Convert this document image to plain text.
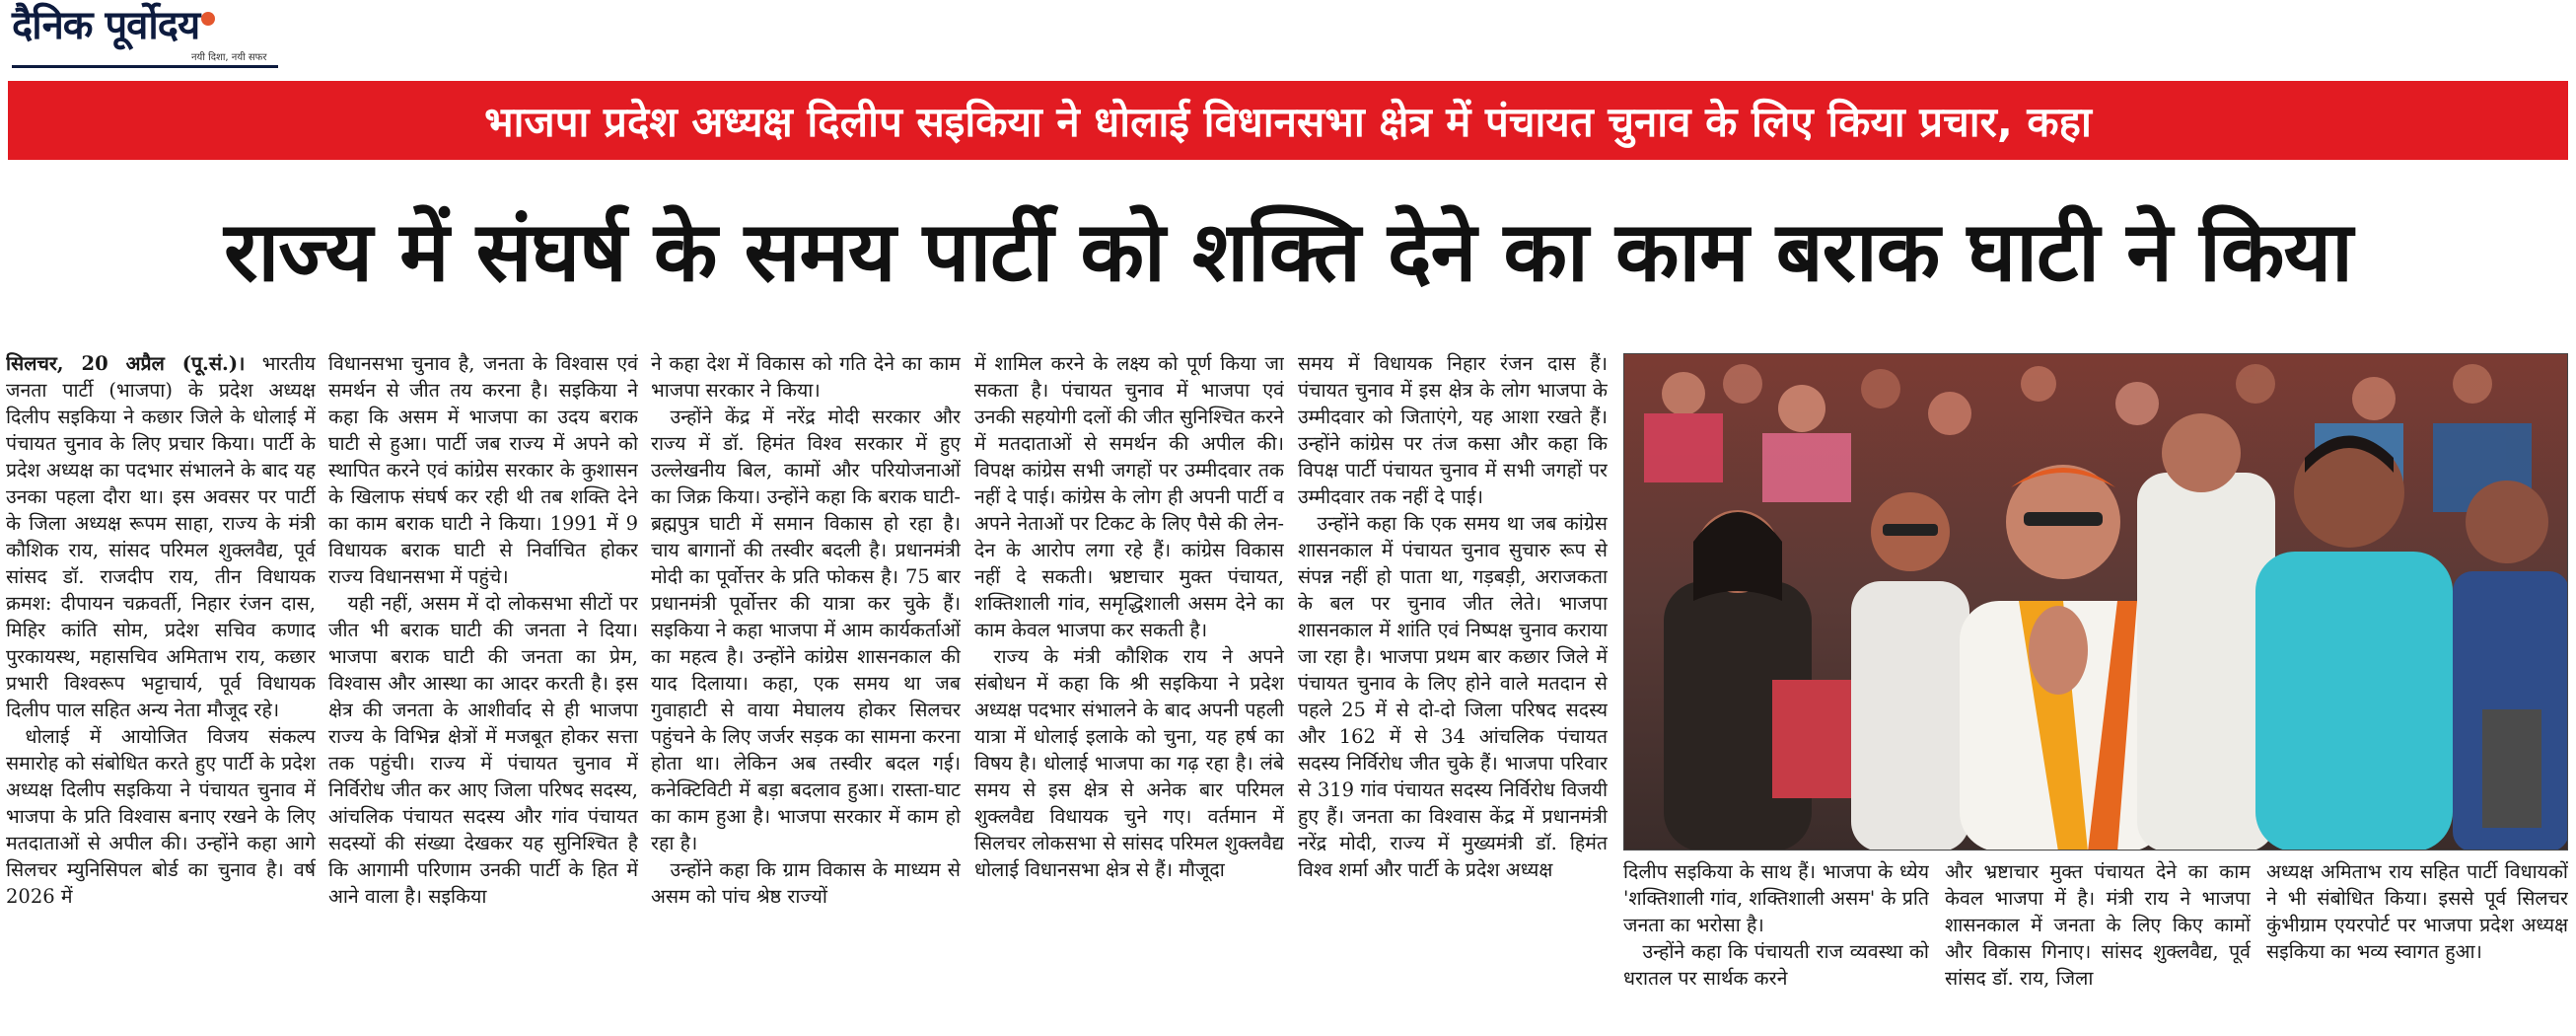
दैनिक पूर्वोदय
नयी दिशा, नयी सफर
भाजपा प्रदेश अध्यक्ष दिलीप सइकिया ने धोलाई विधानसभा क्षेत्र में पंचायत चुनाव के लिए किया प्रचार, कहा
राज्य में संघर्ष के समय पार्टी को शक्ति देने का काम बराक घाटी ने किया

सिलचर, 20 अप्रैल (पू.सं.)। भारतीय जनता पार्टी (भाजपा) के प्रदेश अध्यक्ष दिलीप सइकिया ने कछार जिले के धोलाई में पंचायत चुनाव के लिए प्रचार किया। पार्टी के प्रदेश अध्यक्ष का पदभार संभालने के बाद यह उनका पहला दौरा था। इस अवसर पर पार्टी के जिला अध्यक्ष रूपम साहा, राज्य के मंत्री कौशिक राय, सांसद परिमल शुक्लवैद्य, पूर्व सांसद डॉ. राजदीप राय, तीन विधायक क्रमश: दीपायन चक्रवर्ती, निहार रंजन दास, मिहिर कांति सोम, प्रदेश सचिव कणाद पुरकायस्थ, महासचिव अमिताभ राय, कछार प्रभारी विश्वरूप भट्टाचार्य, पूर्व विधायक दिलीप पाल सहित अन्य नेता मौजूद रहे।

धोलाई में आयोजित विजय संकल्प समारोह को संबोधित करते हुए पार्टी के प्रदेश अध्यक्ष दिलीप सइकिया ने पंचायत चुनाव में भाजपा के प्रति विश्वास बनाए रखने के लिए मतदाताओं से अपील की। उन्होंने कहा आगे सिलचर म्युनिसिपल बोर्ड का चुनाव है। वर्ष 2026 में

विधानसभा चुनाव है, जनता के विश्वास एवं समर्थन से जीत तय करना है। सइकिया ने कहा कि असम में भाजपा का उदय बराक घाटी से हुआ। पार्टी जब राज्य में अपने को स्थापित करने एवं कांग्रेस सरकार के कुशासन के खिलाफ संघर्ष कर रही थी तब शक्ति देने का काम बराक घाटी ने किया। 1991 में 9 विधायक बराक घाटी से निर्वाचित होकर राज्य विधानसभा में पहुंचे।

यही नहीं, असम में दो लोकसभा सीटों पर जीत भी बराक घाटी की जनता ने दिया। भाजपा बराक घाटी की जनता का प्रेम, विश्वास और आस्था का आदर करती है। इस क्षेत्र की जनता के आशीर्वाद से ही भाजपा राज्य के विभिन्न क्षेत्रों में मजबूत होकर सत्ता तक पहुंची। राज्य में पंचायत चुनाव में निर्विरोध जीत कर आए जिला परिषद सदस्य, आंचलिक पंचायत सदस्य और गांव पंचायत सदस्यों की संख्या देखकर यह सुनिश्चित है कि आगामी परिणाम उनकी पार्टी के हित में आने वाला है। सइकिया

ने कहा देश में विकास को गति देने का काम भाजपा सरकार ने किया।

उन्होंने केंद्र में नरेंद्र मोदी सरकार और राज्य में डॉ. हिमंत विश्व सरकार में हुए उल्लेखनीय बिल, कामों और परियोजनाओं का जिक्र किया। उन्होंने कहा कि बराक घाटी-ब्रह्मपुत्र घाटी में समान विकास हो रहा है। चाय बागानों की तस्वीर बदली है। प्रधानमंत्री मोदी का पूर्वोत्तर के प्रति फोकस है। 75 बार प्रधानमंत्री पूर्वोत्तर की यात्रा कर चुके हैं। सइकिया ने कहा भाजपा में आम कार्यकर्ताओं का महत्व है। उन्होंने कांग्रेस शासनकाल की याद दिलाया। कहा, एक समय था जब गुवाहाटी से वाया मेघालय होकर सिलचर पहुंचने के लिए जर्जर सड़क का सामना करना होता था। लेकिन अब तस्वीर बदल गई। कनेक्टिविटी में बड़ा बदलाव हुआ। रास्ता-घाट का काम हुआ है। भाजपा सरकार में काम हो रहा है।

उन्होंने कहा कि ग्राम विकास के माध्यम से असम को पांच श्रेष्ठ राज्यों

में शामिल करने के लक्ष्य को पूर्ण किया जा सकता है। पंचायत चुनाव में भाजपा एवं उनकी सहयोगी दलों की जीत सुनिश्चित करने में मतदाताओं से समर्थन की अपील की। विपक्ष कांग्रेस सभी जगहों पर उम्मीदवार तक नहीं दे पाई। कांग्रेस के लोग ही अपनी पार्टी व अपने नेताओं पर टिकट के लिए पैसे की लेन-देन के आरोप लगा रहे हैं। कांग्रेस विकास नहीं दे सकती। भ्रष्टाचार मुक्त पंचायत, शक्तिशाली गांव, समृद्धिशाली असम देने का काम केवल भाजपा कर सकती है।

राज्य के मंत्री कौशिक राय ने अपने संबोधन में कहा कि श्री सइकिया ने प्रदेश अध्यक्ष पदभार संभालने के बाद अपनी पहली यात्रा में धोलाई इलाके को चुना, यह हर्ष का विषय है। धोलाई भाजपा का गढ़ रहा है। लंबे समय से इस क्षेत्र से अनेक बार परिमल शुक्लवैद्य विधायक चुने गए। वर्तमान में सिलचर लोकसभा से सांसद परिमल शुक्लवैद्य धोलाई विधानसभा क्षेत्र से हैं। मौजूदा

समय में विधायक निहार रंजन दास हैं। पंचायत चुनाव में इस क्षेत्र के लोग भाजपा के उम्मीदवार को जिताएंगे, यह आशा रखते हैं। उन्होंने कांग्रेस पर तंज कसा और कहा कि विपक्ष पार्टी पंचायत चुनाव में सभी जगहों पर उम्मीदवार तक नहीं दे पाई।

उन्होंने कहा कि एक समय था जब कांग्रेस शासनकाल में पंचायत चुनाव सुचारु रूप से संपन्न नहीं हो पाता था, गड़बड़ी, अराजकता के बल पर चुनाव जीत लेते। भाजपा शासनकाल में शांति एवं निष्पक्ष चुनाव कराया जा रहा है। भाजपा प्रथम बार कछार जिले में पंचायत चुनाव के लिए होने वाले मतदान से पहले 25 में से दो-दो जिला परिषद सदस्य और 162 में से 34 आंचलिक पंचायत सदस्य निर्विरोध जीत चुके हैं। भाजपा परिवार से 319 गांव पंचायत सदस्य निर्विरोध विजयी हुए हैं। जनता का विश्वास केंद्र में प्रधानमंत्री नरेंद्र मोदी, राज्य में मुख्यमंत्री डॉ. हिमंत विश्व शर्मा और पार्टी के प्रदेश अध्यक्ष	दिलीप सइकिया के साथ हैं। भाजपा के ध्येय 'शक्तिशाली गांव, शक्तिशाली असम' के प्रति जनता का भरोसा है।

उन्होंने कहा कि पंचायती राज व्यवस्था को धरातल पर सार्थक करने

और भ्रष्टाचार मुक्त पंचायत देने का काम केवल भाजपा में है। मंत्री राय ने भाजपा शासनकाल में जनता के लिए किए कामों और विकास गिनाए। सांसद शुक्लवैद्य, पूर्व सांसद डॉ. राय, जिला

अध्यक्ष अमिताभ राय सहित पार्टी विधायकों ने भी संबोधित किया। इससे पूर्व सिलचर कुंभीग्राम एयरपोर्ट पर भाजपा प्रदेश अध्यक्ष सइकिया का भव्य स्वागत हुआ।
